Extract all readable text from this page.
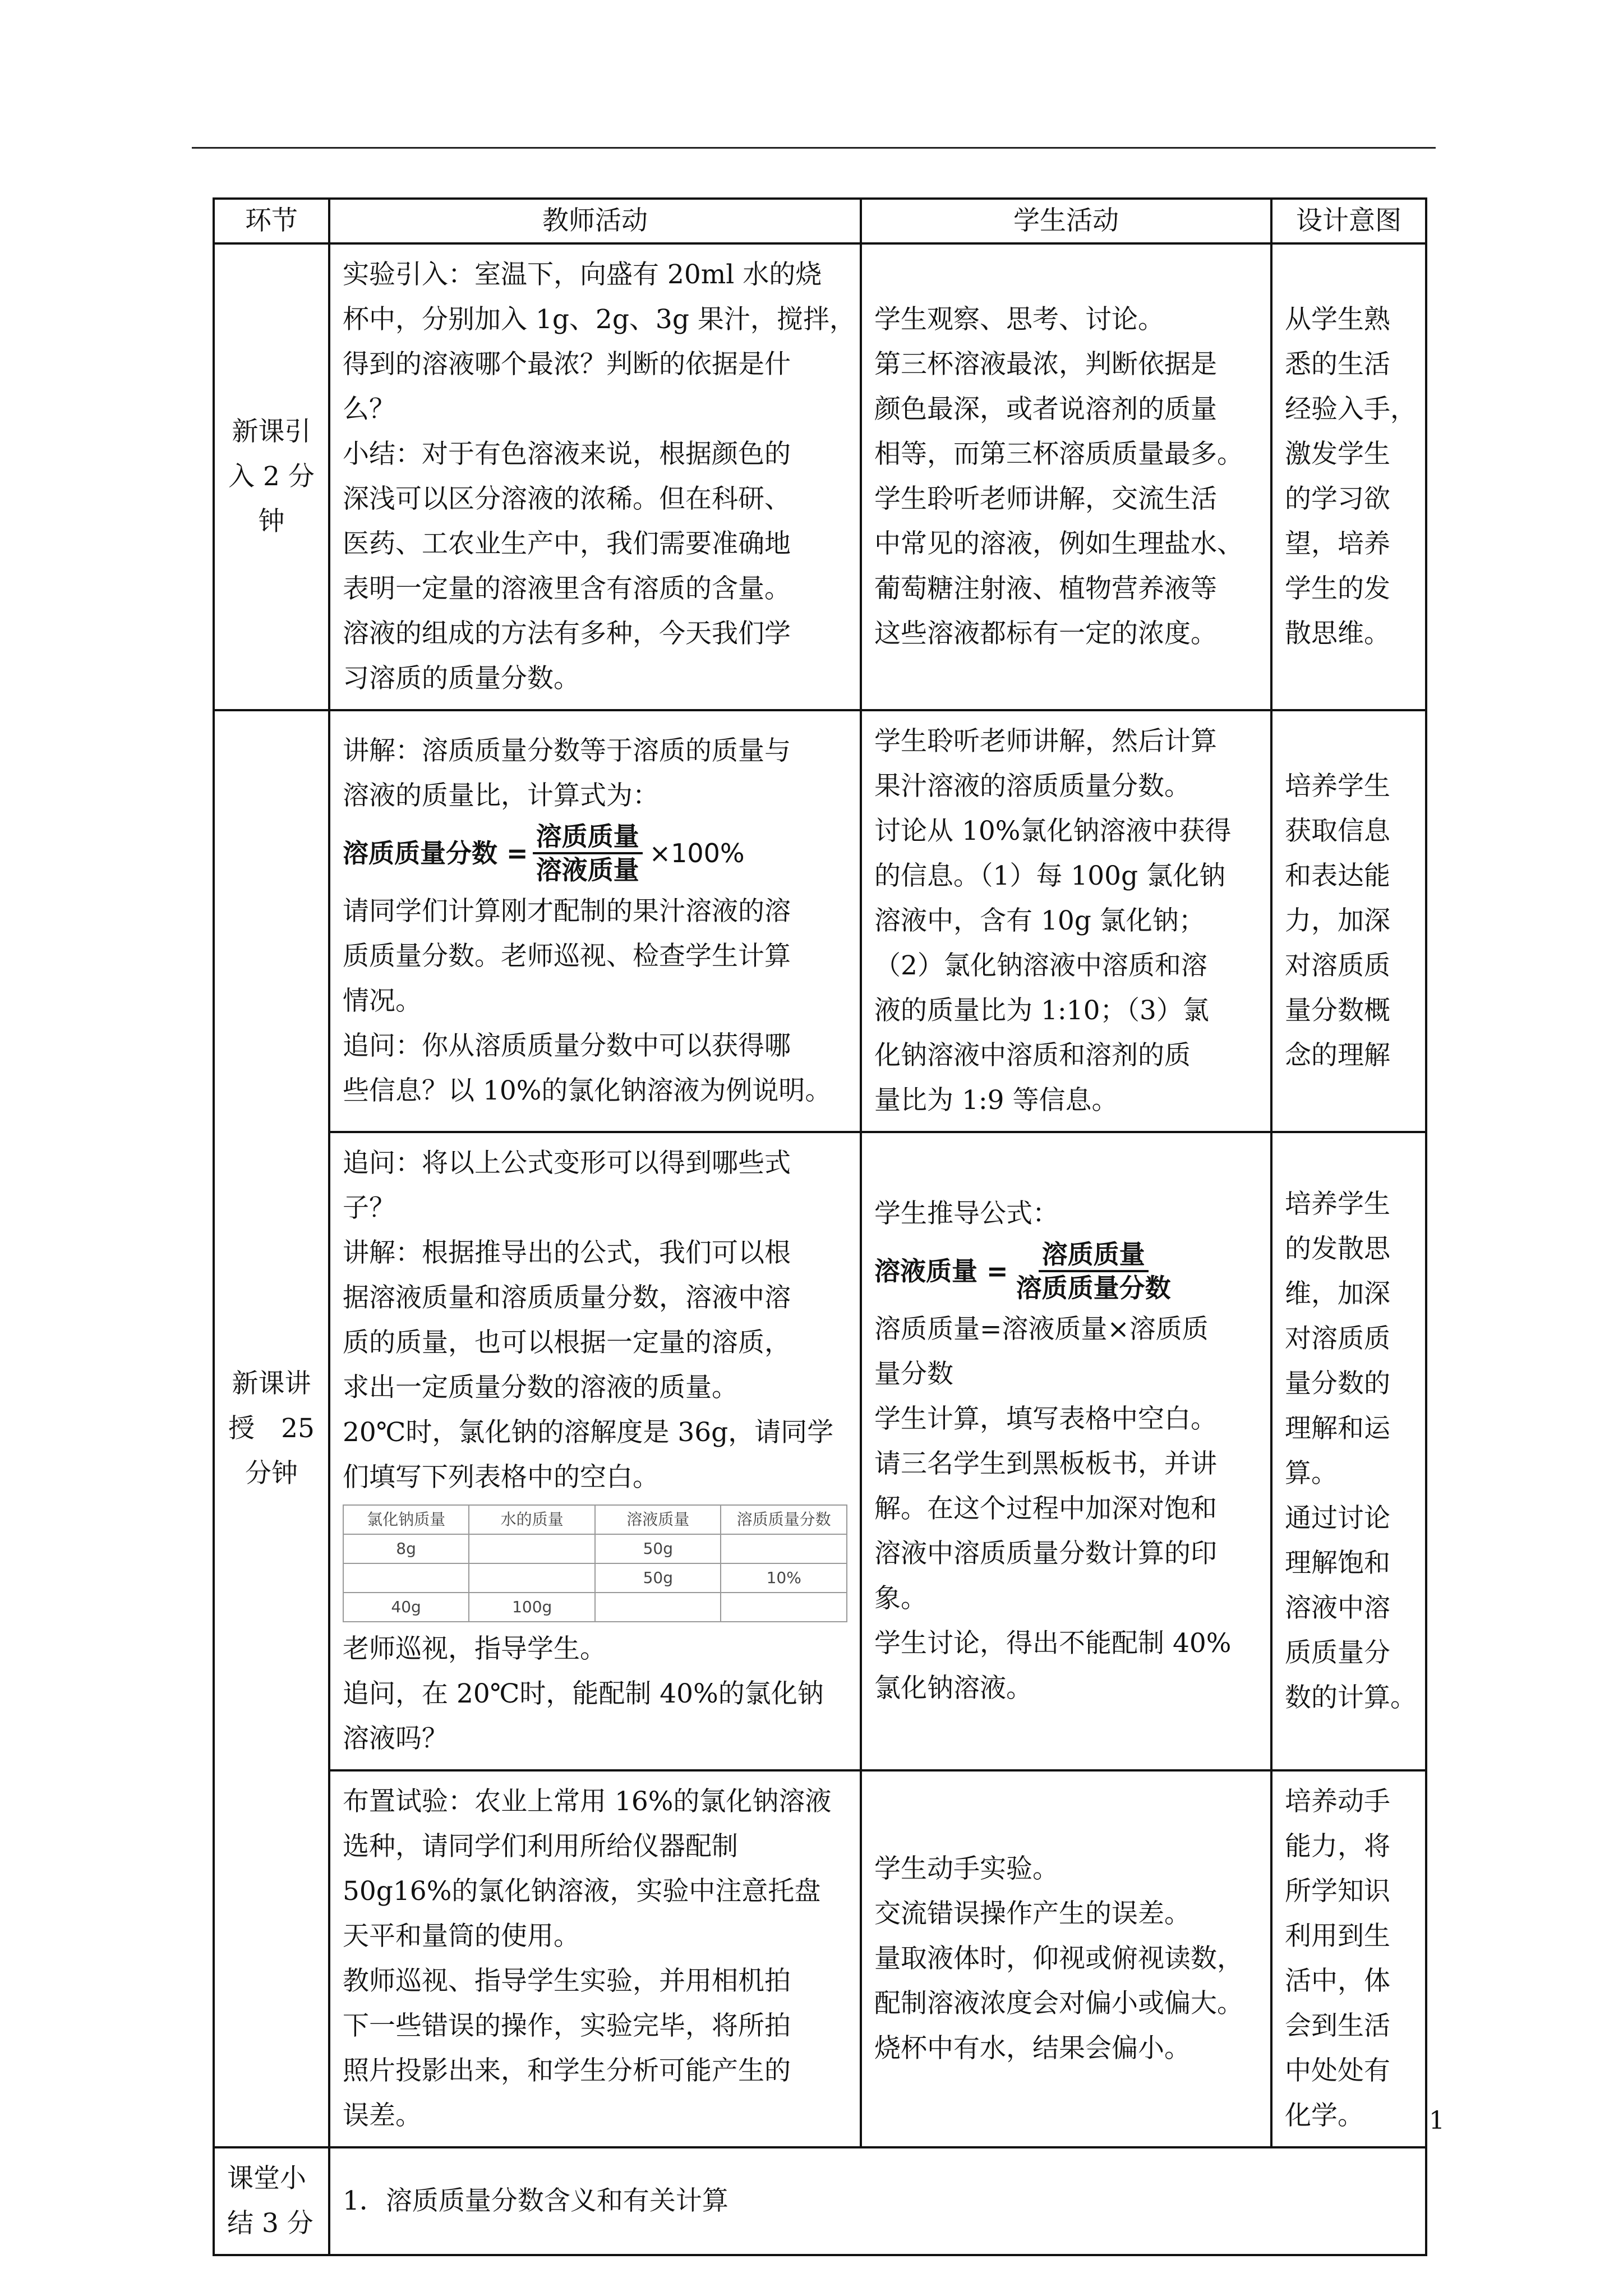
环节	教师活动	学生活动	设计意图

新课引
入 2 分
钟

实验引入：室温下，向盛有 20ml 水的烧
杯中，分别加入 1g、2g、3g 果汁，搅拌，
得到的溶液哪个最浓？判断的依据是什
么？
小结：对于有色溶液来说，根据颜色的
深浅可以区分溶液的浓稀。但在科研、
医药、工农业生产中，我们需要准确地
表明一定量的溶液里含有溶质的含量。
溶液的组成的方法有多种，今天我们学
习溶质的质量分数。

学生观察、思考、讨论。
第三杯溶液最浓，判断依据是
颜色最深，或者说溶剂的质量
相等，而第三杯溶质质量最多。
学生聆听老师讲解，交流生活
中常见的溶液，例如生理盐水、
葡萄糖注射液、植物营养液等
这些溶液都标有一定的浓度。

从学生熟
悉的生活
经验入手，
激发学生
的学习欲
望，培养
学生的发
散思维。

新课讲
授　25
分钟

讲解：溶质质量分数等于溶质的质量与
溶液的质量比，计算式为：
溶质质量分数 = $\frac{\text{溶质质量}}{\text{溶液质量}} \times 100\%$
请同学们计算刚才配制的果汁溶液的溶
质质量分数。老师巡视、检查学生计算
情况。
追问：你从溶质质量分数中可以获得哪
些信息？以 10%的氯化钠溶液为例说明。

学生聆听老师讲解，然后计算
果汁溶液的溶质质量分数。
讨论从 10%氯化钠溶液中获得
的信息。（1）每 100g 氯化钠
溶液中，含有 10g 氯化钠；
（2）氯化钠溶液中溶质和溶
液的质量比为 1:10；（3）氯
化钠溶液中溶质和溶剂的质
量比为 1:9 等信息。

培养学生
获取信息
和表达能
力，加深
对溶质质
量分数概
念的理解

追问：将以上公式变形可以得到哪些式
子？
讲解：根据推导出的公式，我们可以根
据溶液质量和溶质质量分数，溶液中溶
质的质量，也可以根据一定量的溶质，
求出一定质量分数的溶液的质量。
20℃时，氯化钠的溶解度是 36g，请同学
们填写下列表格中的空白。
氯化钠质量	水的质量	溶液质量	溶质质量分数
8g		50g	
		50g	10%
40g	100g		
老师巡视，指导学生。
追问，在 20℃时，能配制 40%的氯化钠
溶液吗？

学生推导公式：
溶液质量 = $\frac{\text{溶质质量}}{\text{溶质质量分数}}$
溶质质量=溶液质量×溶质质
量分数
学生计算，填写表格中空白。
请三名学生到黑板板书，并讲
解。在这个过程中加深对饱和
溶液中溶质质量分数计算的印
象。
学生讨论，得出不能配制 40%
氯化钠溶液。

培养学生
的发散思
维，加深
对溶质质
量分数的
理解和运
算。
通过讨论
理解饱和
溶液中溶
质质量分
数的计算。

布置试验：农业上常用 16%的氯化钠溶液
选种，请同学们利用所给仪器配制
50g16%的氯化钠溶液，实验中注意托盘
天平和量筒的使用。
教师巡视、指导学生实验，并用相机拍
下一些错误的操作，实验完毕，将所拍
照片投影出来，和学生分析可能产生的
误差。

学生动手实验。
交流错误操作产生的误差。
量取液体时，仰视或俯视读数，
配制溶液浓度会对偏小或偏大。
烧杯中有水，结果会偏小。

培养动手
能力，将
所学知识
利用到生
活中，体
会到生活
中处处有
化学。

课堂小
结 3 分

1．溶质质量分数含义和有关计算
1
